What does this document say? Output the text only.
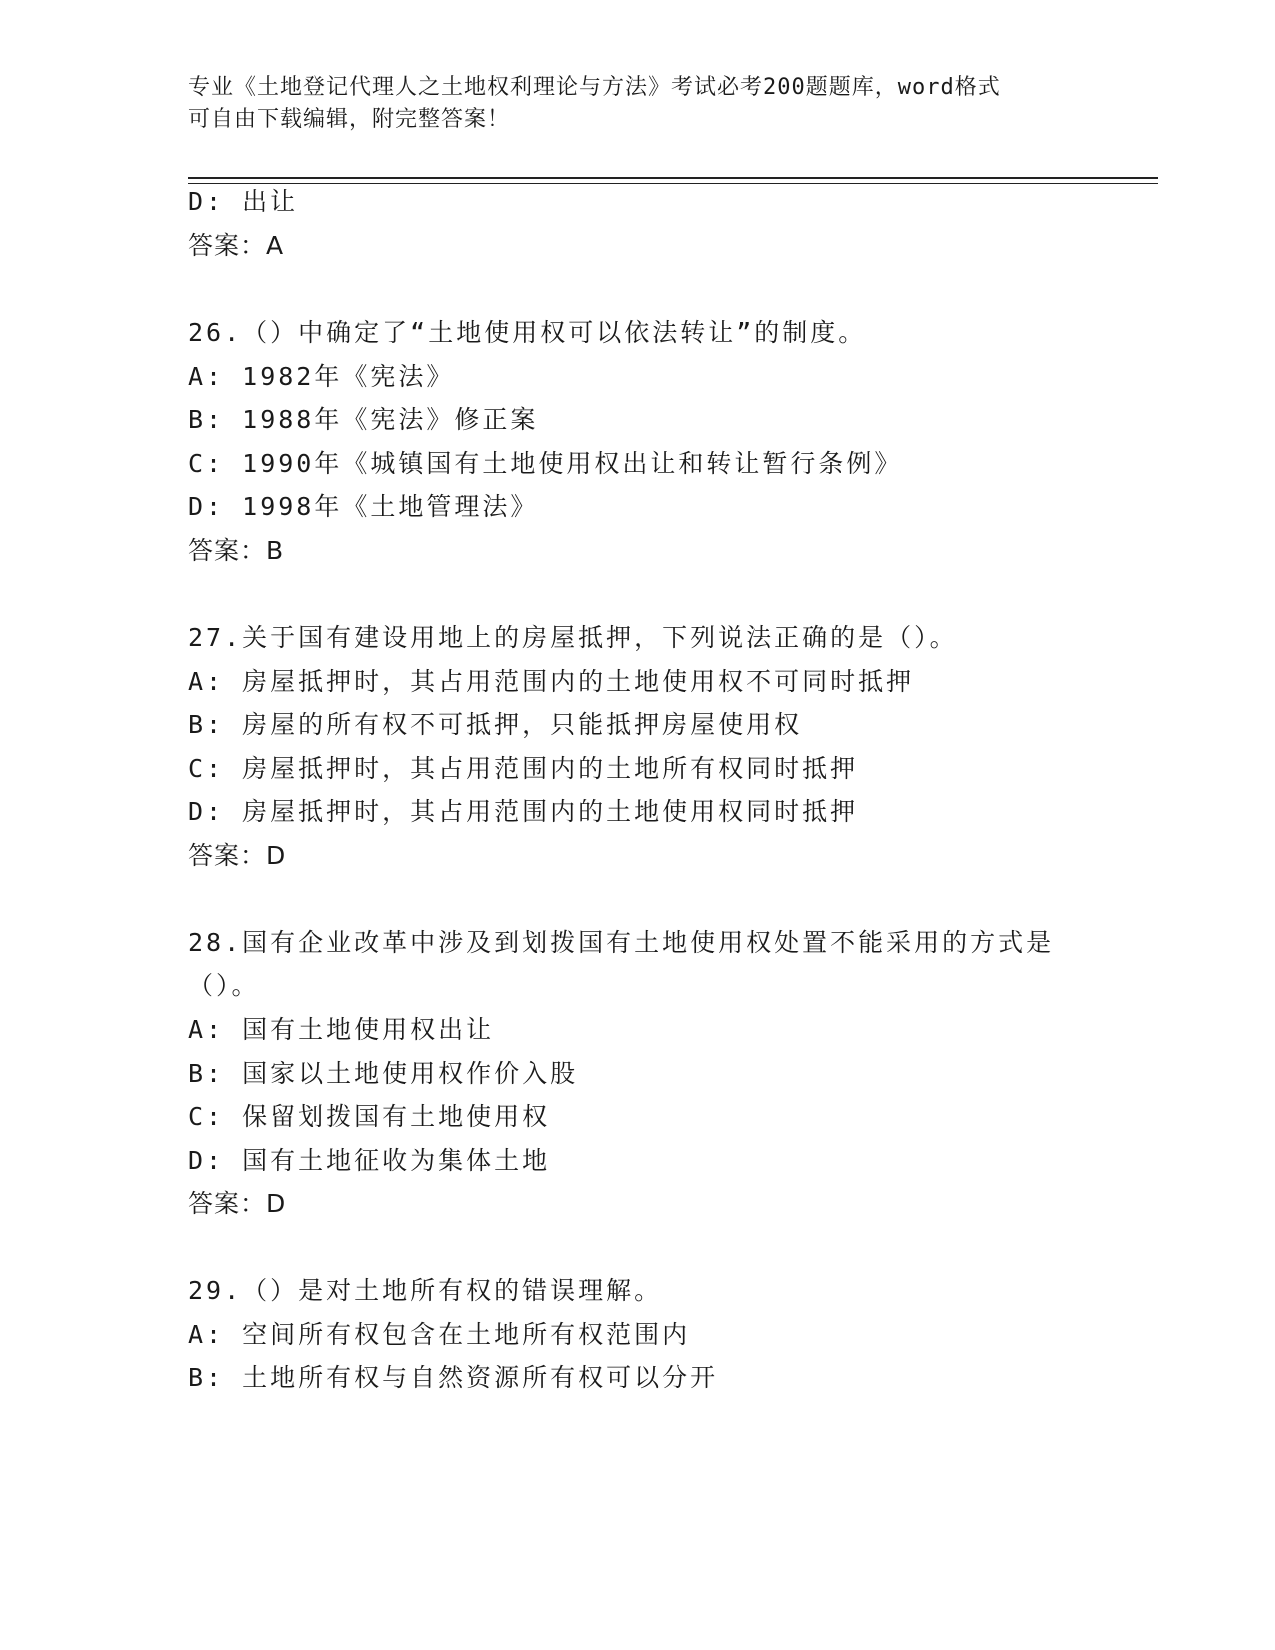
专业《土地登记代理人之土地权利理论与方法》考试必考200题题库，word格式
可自由下载编辑，附完整答案！
D: 出让
答案：A
26.（）中确定了“土地使用权可以依法转让”的制度。
A: 1982年《宪法》
B: 1988年《宪法》修正案
C: 1990年《城镇国有土地使用权出让和转让暂行条例》
D: 1998年《土地管理法》
答案：B
27.关于国有建设用地上的房屋抵押，下列说法正确的是（）。
A: 房屋抵押时，其占用范围内的土地使用权不可同时抵押
B: 房屋的所有权不可抵押，只能抵押房屋使用权
C: 房屋抵押时，其占用范围内的土地所有权同时抵押
D: 房屋抵押时，其占用范围内的土地使用权同时抵押
答案：D
28.国有企业改革中涉及到划拨国有土地使用权处置不能采用的方式是
（）。
A: 国有土地使用权出让
B: 国家以土地使用权作价入股
C: 保留划拨国有土地使用权
D: 国有土地征收为集体土地
答案：D
29.（）是对土地所有权的错误理解。
A: 空间所有权包含在土地所有权范围内
B: 土地所有权与自然资源所有权可以分开
